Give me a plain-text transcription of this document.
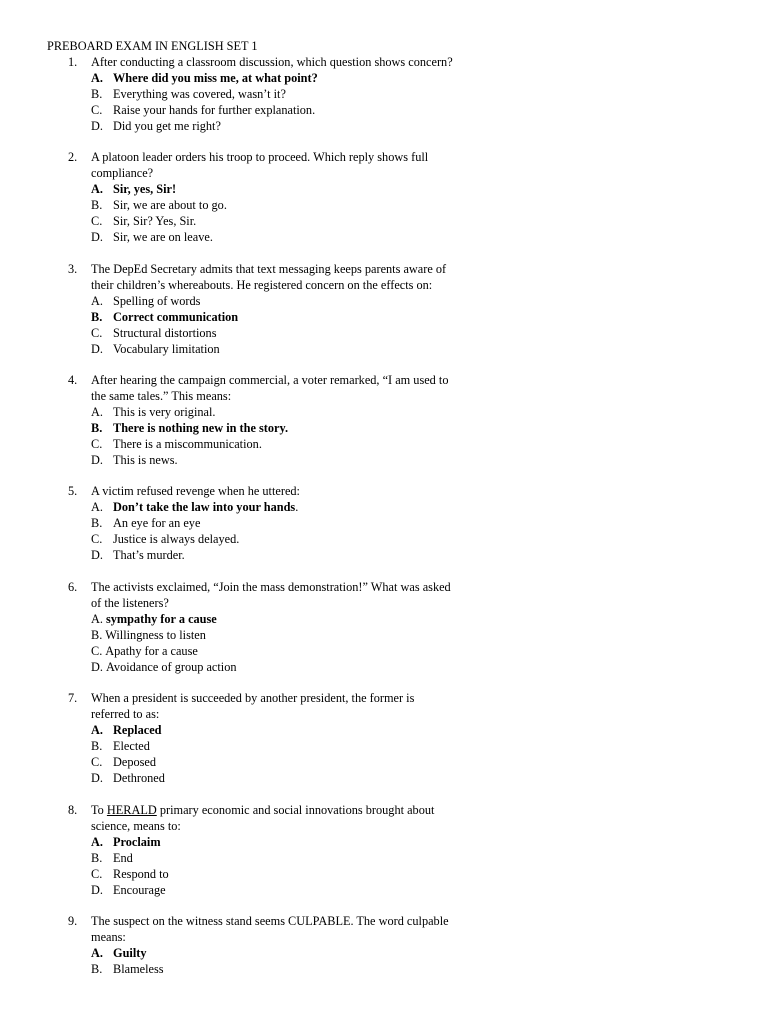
PREBOARD EXAM IN ENGLISH SET 1
1. After conducting a classroom discussion, which question shows concern?
A. Where did you miss me, at what point?
B. Everything was covered, wasn’t it?
C. Raise your hands for further explanation.
D. Did you get me right?
2. A platoon leader orders his troop to proceed. Which reply shows full
compliance?
A. Sir, yes, Sir!
B. Sir, we are about to go.
C. Sir, Sir? Yes, Sir.
D. Sir, we are on leave.
3. The DepEd Secretary admits that text messaging keeps parents aware of
their children’s whereabouts. He registered concern on the effects on:
A. Spelling of words
B. Correct communication
C. Structural distortions
D. Vocabulary limitation
4. After hearing the campaign commercial, a voter remarked, “I am used to
the same tales.” This means:
A. This is very original.
B. There is nothing new in the story.
C. There is a miscommunication.
D. This is news.
5. A victim refused revenge when he uttered:
A. Don’t take the law into your hands.
B. An eye for an eye
C. Justice is always delayed.
D. That’s murder.
6. The activists exclaimed, “Join the mass demonstration!” What was asked
of the listeners?
A. sympathy for a cause
B. Willingness to listen
C. Apathy for a cause
D. Avoidance of group action
7. When a president is succeeded by another president, the former is
referred to as:
A. Replaced
B. Elected
C. Deposed
D. Dethroned
8. To HERALD primary economic and social innovations brought about
science, means to:
A. Proclaim
B. End
C. Respond to
D. Encourage
9. The suspect on the witness stand seems CULPABLE. The word culpable
means:
A. Guilty
B. Blameless
